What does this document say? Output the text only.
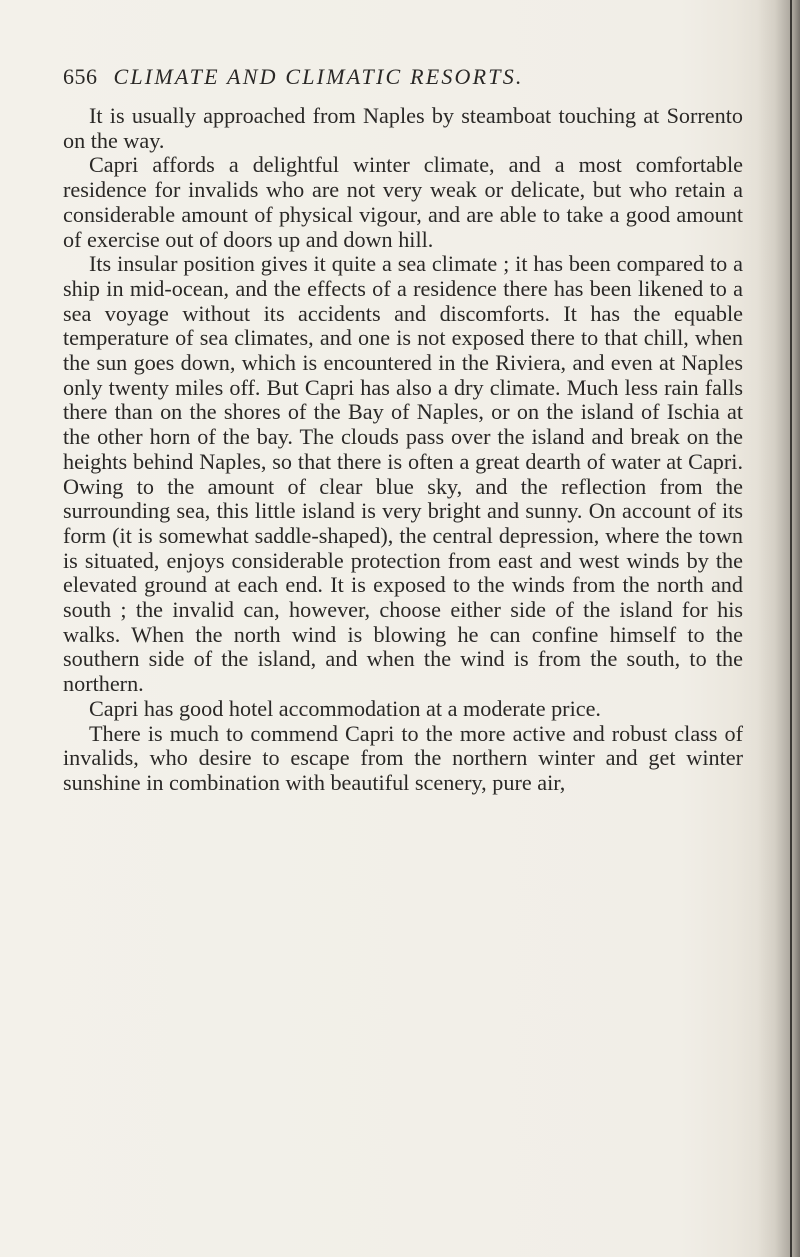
656 CLIMATE AND CLIMATIC RESORTS.

It is usually approached from Naples by steamboat touching at Sorrento on the way.

Capri affords a delightful winter climate, and a most comfortable residence for invalids who are not very weak or delicate, but who retain a considerable amount of physical vigour, and are able to take a good amount of exercise out of doors up and down hill.

Its insular position gives it quite a sea climate ; it has been compared to a ship in mid-ocean, and the effects of a residence there has been likened to a sea voyage without its accidents and discomforts. It has the equable temperature of sea climates, and one is not exposed there to that chill, when the sun goes down, which is encountered in the Riviera, and even at Naples only twenty miles off. But Capri has also a dry climate. Much less rain falls there than on the shores of the Bay of Naples, or on the island of Ischia at the other horn of the bay. The clouds pass over the island and break on the heights behind Naples, so that there is often a great dearth of water at Capri. Owing to the amount of clear blue sky, and the reflection from the surrounding sea, this little island is very bright and sunny. On account of its form (it is somewhat saddle-shaped), the central depression, where the town is situated, enjoys considerable protection from east and west winds by the elevated ground at each end. It is exposed to the winds from the north and south ; the invalid can, however, choose either side of the island for his walks. When the north wind is blowing he can confine himself to the southern side of the island, and when the wind is from the south, to the northern.

Capri has good hotel accommodation at a moderate price.

There is much to commend Capri to the more active and robust class of invalids, who desire to escape from the northern winter and get winter sunshine in combination with beautiful scenery, pure air,
